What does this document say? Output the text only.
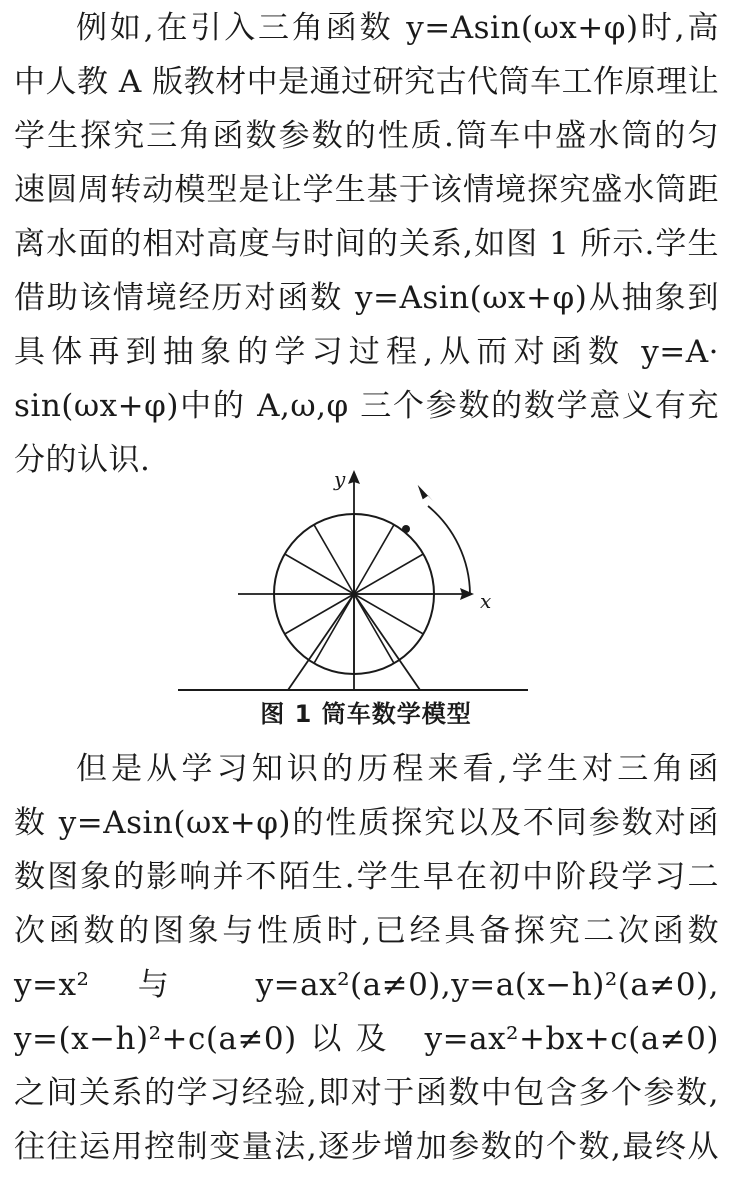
例如,在引入三角函数 y=Asin(ωx+φ)时,高
中人教 A 版教材中是通过研究古代筒车工作原理让
学生探究三角函数参数的性质.筒车中盛水筒的匀
速圆周转动模型是让学生基于该情境探究盛水筒距
离水面的相对高度与时间的关系,如图 1 所示.学生
借助该情境经历对函数 y=Asin(ωx+φ)从抽象到
具体再到抽象的学习过程,从而对函数 y=A·
sin(ωx+φ)中的 A,ω,φ 三个参数的数学意义有充
分的认识.
x
y
图 1 筒车数学模型
但是从学习知识的历程来看,学生对三角函
数 y=Asin(ωx+φ)的性质探究以及不同参数对函
数图象的影响并不陌生.学生早在初中阶段学习二
次函数的图象与性质时,已经具备探究二次函数
y=x² 与 y=ax²(a≠0),y=a(x−h)²(a≠0),
y=(x−h)²+c(a≠0)以及 y=ax²+bx+c(a≠0)
之间关系的学习经验,即对于函数中包含多个参数,
往往运用控制变量法,逐步增加参数的个数,最终从
